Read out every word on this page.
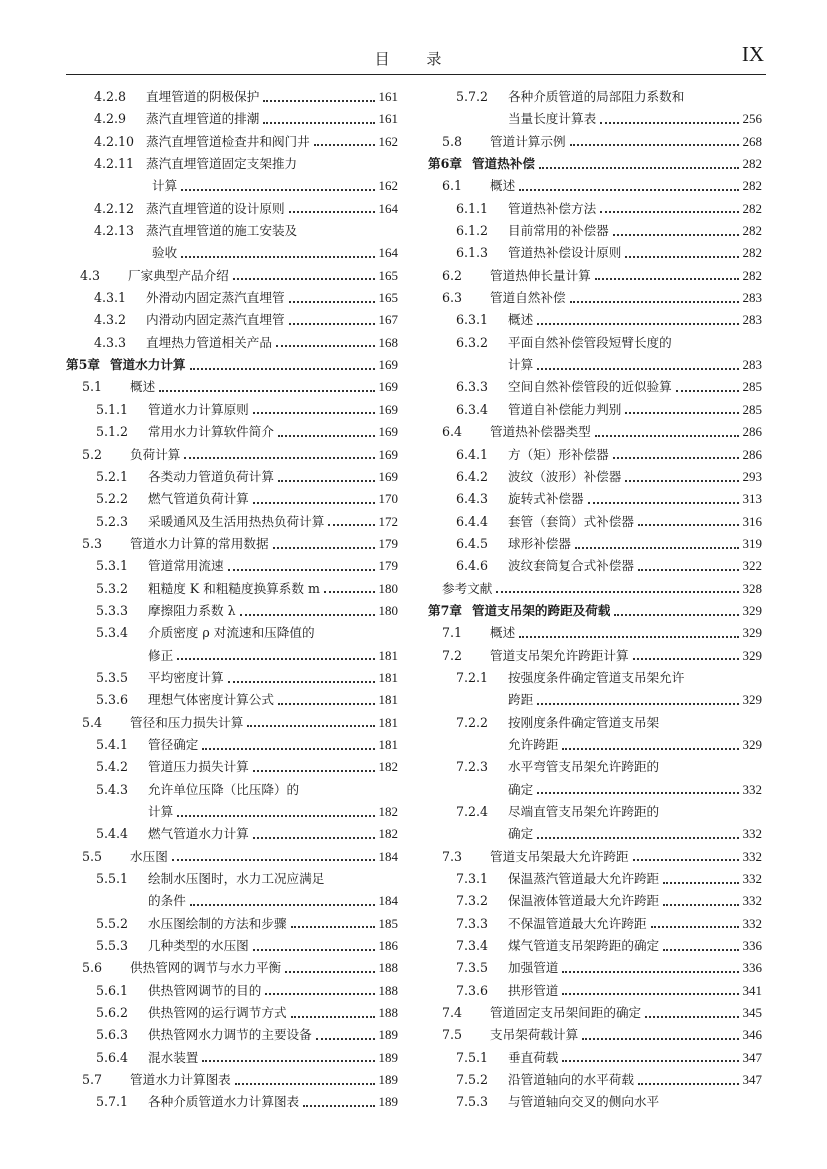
目 录	IX
4.2.8	直埋管道的阴极保护	161
4.2.9	蒸汽直埋管道的排潮	161
4.2.10 蒸汽直埋管道检查井和阀门井	162
4.2.11 蒸汽直埋管道固定支架推力
计算	162
4.2.12 蒸汽直埋管道的设计原则	164
4.2.13 蒸汽直埋管道的施工安装及
验收	164
4.3	厂家典型产品介绍	165
4.3.1	外滑动内固定蒸汽直埋管	165
4.3.2	内滑动内固定蒸汽直埋管	167
4.3.3	直埋热力管道相关产品	168
第5章 管道水力计算	169
5.1	概述	169
5.1.1	管道水力计算原则	169
5.1.2	常用水力计算软件简介	169
5.2	负荷计算	169
5.2.1	各类动力管道负荷计算	169
5.2.2	燃气管道负荷计算	170
5.2.3	采暖通风及生活用热热负荷计算	172
5.3	管道水力计算的常用数据	179
5.3.1	管道常用流速	179
5.3.2	粗糙度 K 和粗糙度换算系数 m	180
5.3.3	摩擦阻力系数 λ	180
5.3.4	介质密度 ρ 对流速和压降值的
修正	181
5.3.5	平均密度计算	181
5.3.6	理想气体密度计算公式	181
5.4	管径和压力损失计算	181
5.4.1	管径确定	181
5.4.2	管道压力损失计算	182
5.4.3	允许单位压降（比压降）的
计算	182
5.4.4	燃气管道水力计算	182
5.5	水压图	184
5.5.1	绘制水压图时，水力工况应满足
的条件	184
5.5.2	水压图绘制的方法和步骤	185
5.5.3	几种类型的水压图	186
5.6	供热管网的调节与水力平衡	188
5.6.1	供热管网调节的目的	188
5.6.2	供热管网的运行调节方式	188
5.6.3	供热管网水力调节的主要设备	189
5.6.4	混水装置	189
5.7	管道水力计算图表	189
5.7.1	各种介质管道水力计算图表	189
5.7.2	各种介质管道的局部阻力系数和
当量长度计算表	256
5.8	管道计算示例	268
第6章 管道热补偿	282
6.1	概述	282
6.1.1	管道热补偿方法	282
6.1.2	目前常用的补偿器	282
6.1.3	管道热补偿设计原则	282
6.2	管道热伸长量计算	282
6.3	管道自然补偿	283
6.3.1	概述	283
6.3.2	平面自然补偿管段短臂长度的
计算	283
6.3.3	空间自然补偿管段的近似验算	285
6.3.4	管道自补偿能力判别	285
6.4	管道热补偿器类型	286
6.4.1	方（矩）形补偿器	286
6.4.2	波纹（波形）补偿器	293
6.4.3	旋转式补偿器	313
6.4.4	套管（套筒）式补偿器	316
6.4.5	球形补偿器	319
6.4.6	波纹套筒复合式补偿器	322
参考文献	328
第7章 管道支吊架的跨距及荷载	329
7.1	概述	329
7.2	管道支吊架允许跨距计算	329
7.2.1	按强度条件确定管道支吊架允许
跨距	329
7.2.2	按刚度条件确定管道支吊架
允许跨距	329
7.2.3	水平弯管支吊架允许跨距的
确定	332
7.2.4	尽端直管支吊架允许跨距的
确定	332
7.3	管道支吊架最大允许跨距	332
7.3.1	保温蒸汽管道最大允许跨距	332
7.3.2	保温液体管道最大允许跨距	332
7.3.3	不保温管道最大允许跨距	332
7.3.4	煤气管道支吊架跨距的确定	336
7.3.5	加强管道	336
7.3.6	拱形管道	341
7.4	管道固定支吊架间距的确定	345
7.5	支吊架荷载计算	346
7.5.1	垂直荷载	347
7.5.2	沿管道轴向的水平荷载	347
7.5.3	与管道轴向交叉的侧向水平
